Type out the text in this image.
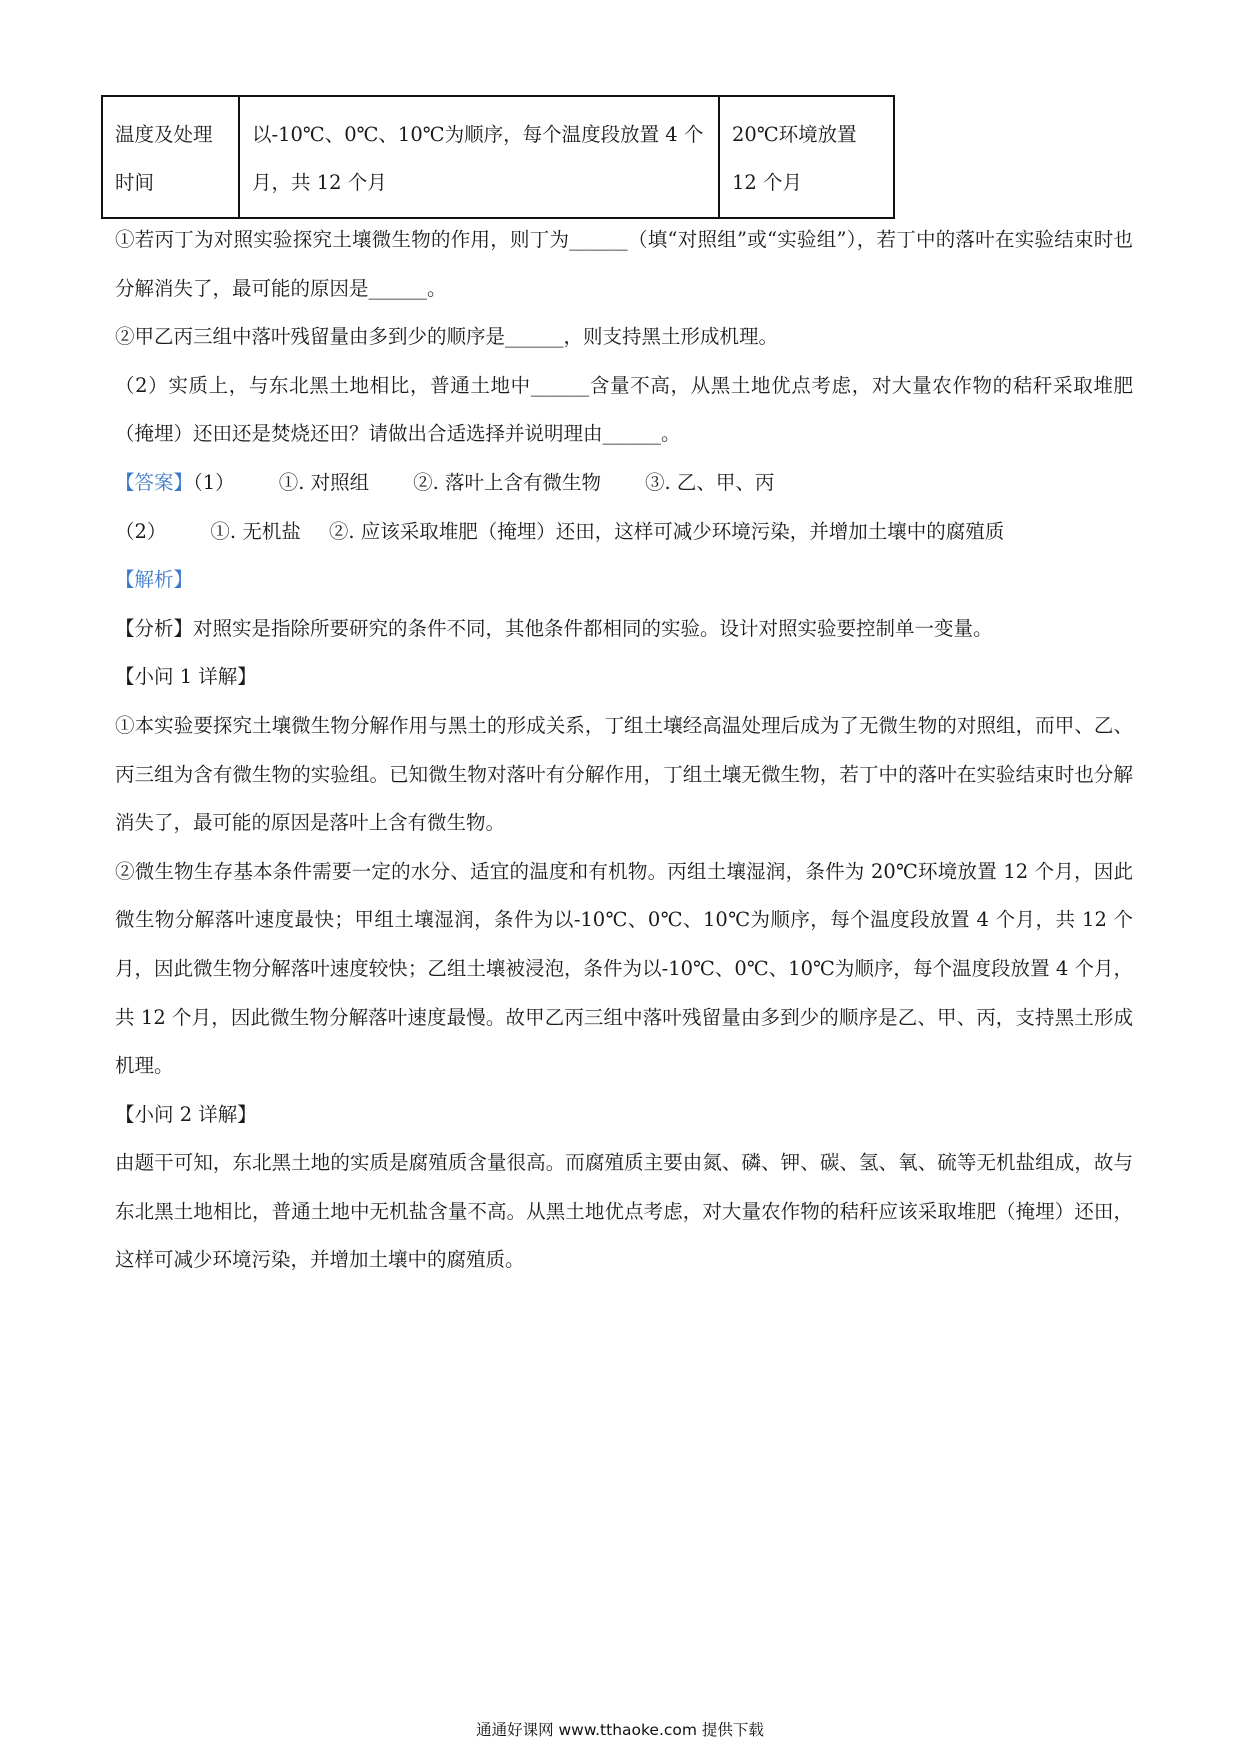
温度及处理时间	以-10℃、0℃、10℃为顺序，每个温度段放置 4 个月，共 12 个月	20℃环境放置 12 个月

①若丙丁为对照实验探究土壤微生物的作用，则丁为______（填“对照组”或“实验组”），若丁中的落叶在实验结束时也分解消失了，最可能的原因是______。

②甲乙丙三组中落叶残留量由多到少的顺序是______，则支持黑土形成机理。

（2）实质上，与东北黑土地相比，普通土地中______含量不高，从黑土地优点考虑，对大量农作物的秸秆采取堆肥（掩埋）还田还是焚烧还田？请做出合适选择并说明理由______。

【答案】（1） ①. 对照组 ②. 落叶上含有微生物 ③. 乙、甲、丙

（2） ①. 无机盐 ②. 应该采取堆肥（掩埋）还田，这样可减少环境污染，并增加土壤中的腐殖质

【解析】

【分析】对照实是指除所要研究的条件不同，其他条件都相同的实验。设计对照实验要控制单一变量。

【小问 1 详解】

①本实验要探究土壤微生物分解作用与黑土的形成关系，丁组土壤经高温处理后成为了无微生物的对照组，而甲、乙、丙三组为含有微生物的实验组。已知微生物对落叶有分解作用，丁组土壤无微生物，若丁中的落叶在实验结束时也分解消失了，最可能的原因是落叶上含有微生物。

②微生物生存基本条件需要一定的水分、适宜的温度和有机物。丙组土壤湿润，条件为 20℃环境放置 12 个月，因此微生物分解落叶速度最快；甲组土壤湿润，条件为以-10℃、0℃、10℃为顺序，每个温度段放置 4 个月，共 12 个月，因此微生物分解落叶速度较快；乙组土壤被浸泡，条件为以-10℃、0℃、10℃为顺序，每个温度段放置 4 个月，共 12 个月，因此微生物分解落叶速度最慢。故甲乙丙三组中落叶残留量由多到少的顺序是乙、甲、丙，支持黑土形成机理。

【小问 2 详解】

由题干可知，东北黑土地的实质是腐殖质含量很高。而腐殖质主要由氮、磷、钾、碳、氢、氧、硫等无机盐组成，故与东北黑土地相比，普通土地中无机盐含量不高。从黑土地优点考虑，对大量农作物的秸秆应该采取堆肥（掩埋）还田，这样可减少环境污染，并增加土壤中的腐殖质。

通通好课网 www.tthaoke.com 提供下载
